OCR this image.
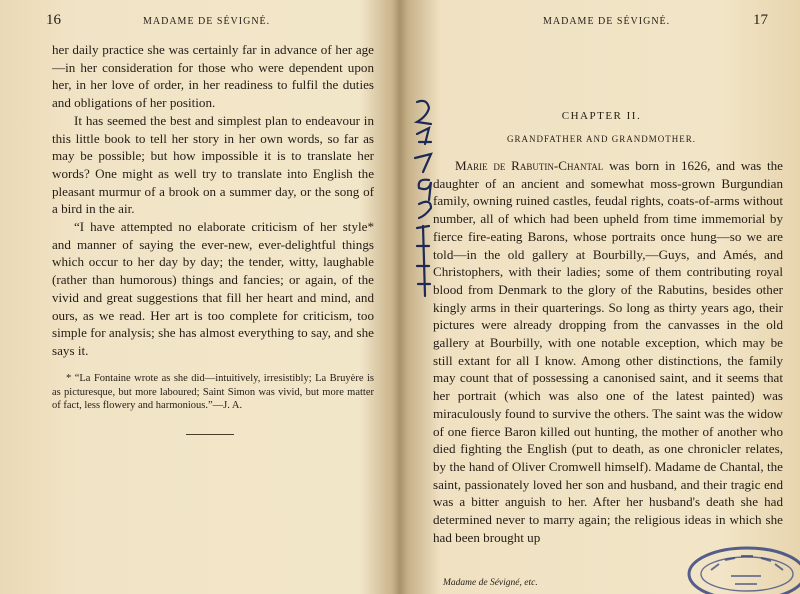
16	MADAME DE SÉVIGNÉ.

her daily practice she was certainly far in advance of her age—in her consideration for those who were dependent upon her, in her love of order, in her readiness to fulfil the duties and obligations of her position.

It has seemed the best and simplest plan to endeavour in this little book to tell her story in her own words, so far as may be possible; but how impossible it is to translate her words? One might as well try to translate into English the pleasant murmur of a brook on a summer day, or the song of a bird in the air.

“I have attempted no elaborate criticism of her style* and manner of saying the ever-new, ever-delightful things which occur to her day by day; the tender, witty, laughable (rather than humorous) things and fancies; or again, of the vivid and great suggestions that fill her heart and mind, and ours, as we read. Her art is too complete for criticism, too simple for analysis; she has almost everything to say, and she says it.

* “La Fontaine wrote as she did—intuitively, irresistibly; La Bruyère is as picturesque, but more laboured; Saint Simon was vivid, but more matter of fact, less flowery and harmonious.”—J. A.
MADAME DE SÉVIGNÉ.	17
CHAPTER II.
GRANDFATHER AND GRANDMOTHER.

Marie de Rabutin-Chantal was born in 1626, and was the daughter of an ancient and somewhat moss-grown Burgundian family, owning ruined castles, feudal rights, coats-of-arms without number, all of which had been upheld from time immemorial by fierce fire-eating Barons, whose portraits once hung—so we are told—in the old gallery at Bourbilly,—Guys, and Amés, and Christophers, with their ladies; some of them contributing royal blood from Denmark to the glory of the Rabutins, besides other kingly arms in their quarterings. So long as thirty years ago, their pictures were already dropping from the canvasses in the old gallery at Bourbilly, with one notable exception, which may be still extant for all I know. Among other distinctions, the family may count that of possessing a canonised saint, and it seems that her portrait (which was also one of the latest painted) was miraculously found to survive the others. The saint was the widow of one fierce Baron killed out hunting, the mother of another who died fighting the English (put to death, as one chronicler relates, by the hand of Oliver Cromwell himself). Madame de Chantal, the saint, passionately loved her son and husband, and their tragic end was a bitter anguish to her. After her husband's death she had determined never to marry again; the religious ideas in which she had been brought up

Madame de Sévigné, etc.
